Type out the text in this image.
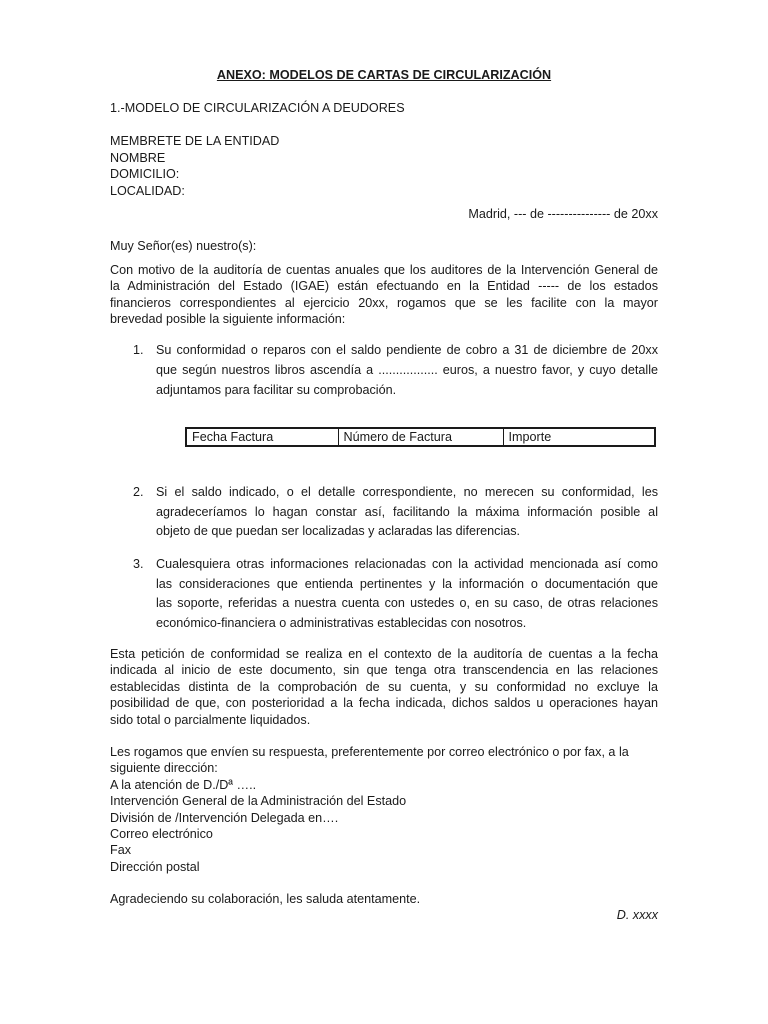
ANEXO: MODELOS DE CARTAS DE CIRCULARIZACIÓN
1.-MODELO DE CIRCULARIZACIÓN A DEUDORES
MEMBRETE DE LA ENTIDAD
NOMBRE
DOMICILIO:
LOCALIDAD:
Madrid, --- de --------------- de 20xx
Muy Señor(es) nuestro(s):
Con motivo de la auditoría de cuentas anuales que los auditores de la Intervención General de
la Administración del Estado (IGAE) están efectuando en la Entidad ----- de los estados
financieros correspondientes al ejercicio 20xx, rogamos que se les facilite con la mayor
brevedad posible la siguiente información:
1. Su conformidad o reparos con el saldo pendiente de cobro a 31 de diciembre de 20xx
que según nuestros libros ascendía a ................. euros, a nuestro favor, y cuyo detalle
adjuntamos para facilitar su comprobación.
Fecha Factura	Número de Factura	Importe
2. Si el saldo indicado, o el detalle correspondiente, no merecen su conformidad, les
agradeceríamos lo hagan constar así, facilitando la máxima información posible al
objeto de que puedan ser localizadas y aclaradas las diferencias.
3. Cualesquiera otras informaciones relacionadas con la actividad mencionada así como
las consideraciones que entienda pertinentes y la información o documentación que
las soporte, referidas a nuestra cuenta con ustedes o, en su caso, de otras relaciones
económico-financiera o administrativas establecidas con nosotros.
Esta petición de conformidad se realiza en el contexto de la auditoría de cuentas a la fecha
indicada al inicio de este documento, sin que tenga otra transcendencia en las relaciones
establecidas distinta de la comprobación de su cuenta, y su conformidad no excluye la
posibilidad de que, con posterioridad a la fecha indicada, dichos saldos u operaciones hayan
sido total o parcialmente liquidados.
Les rogamos que envíen su respuesta, preferentemente por correo electrónico o por fax, a la
siguiente dirección:
A la atención de D./Dª …..
Intervención General de la Administración del Estado
División de /Intervención Delegada en….
Correo electrónico
Fax
Dirección postal
Agradeciendo su colaboración, les saluda atentamente.
D. xxxx
